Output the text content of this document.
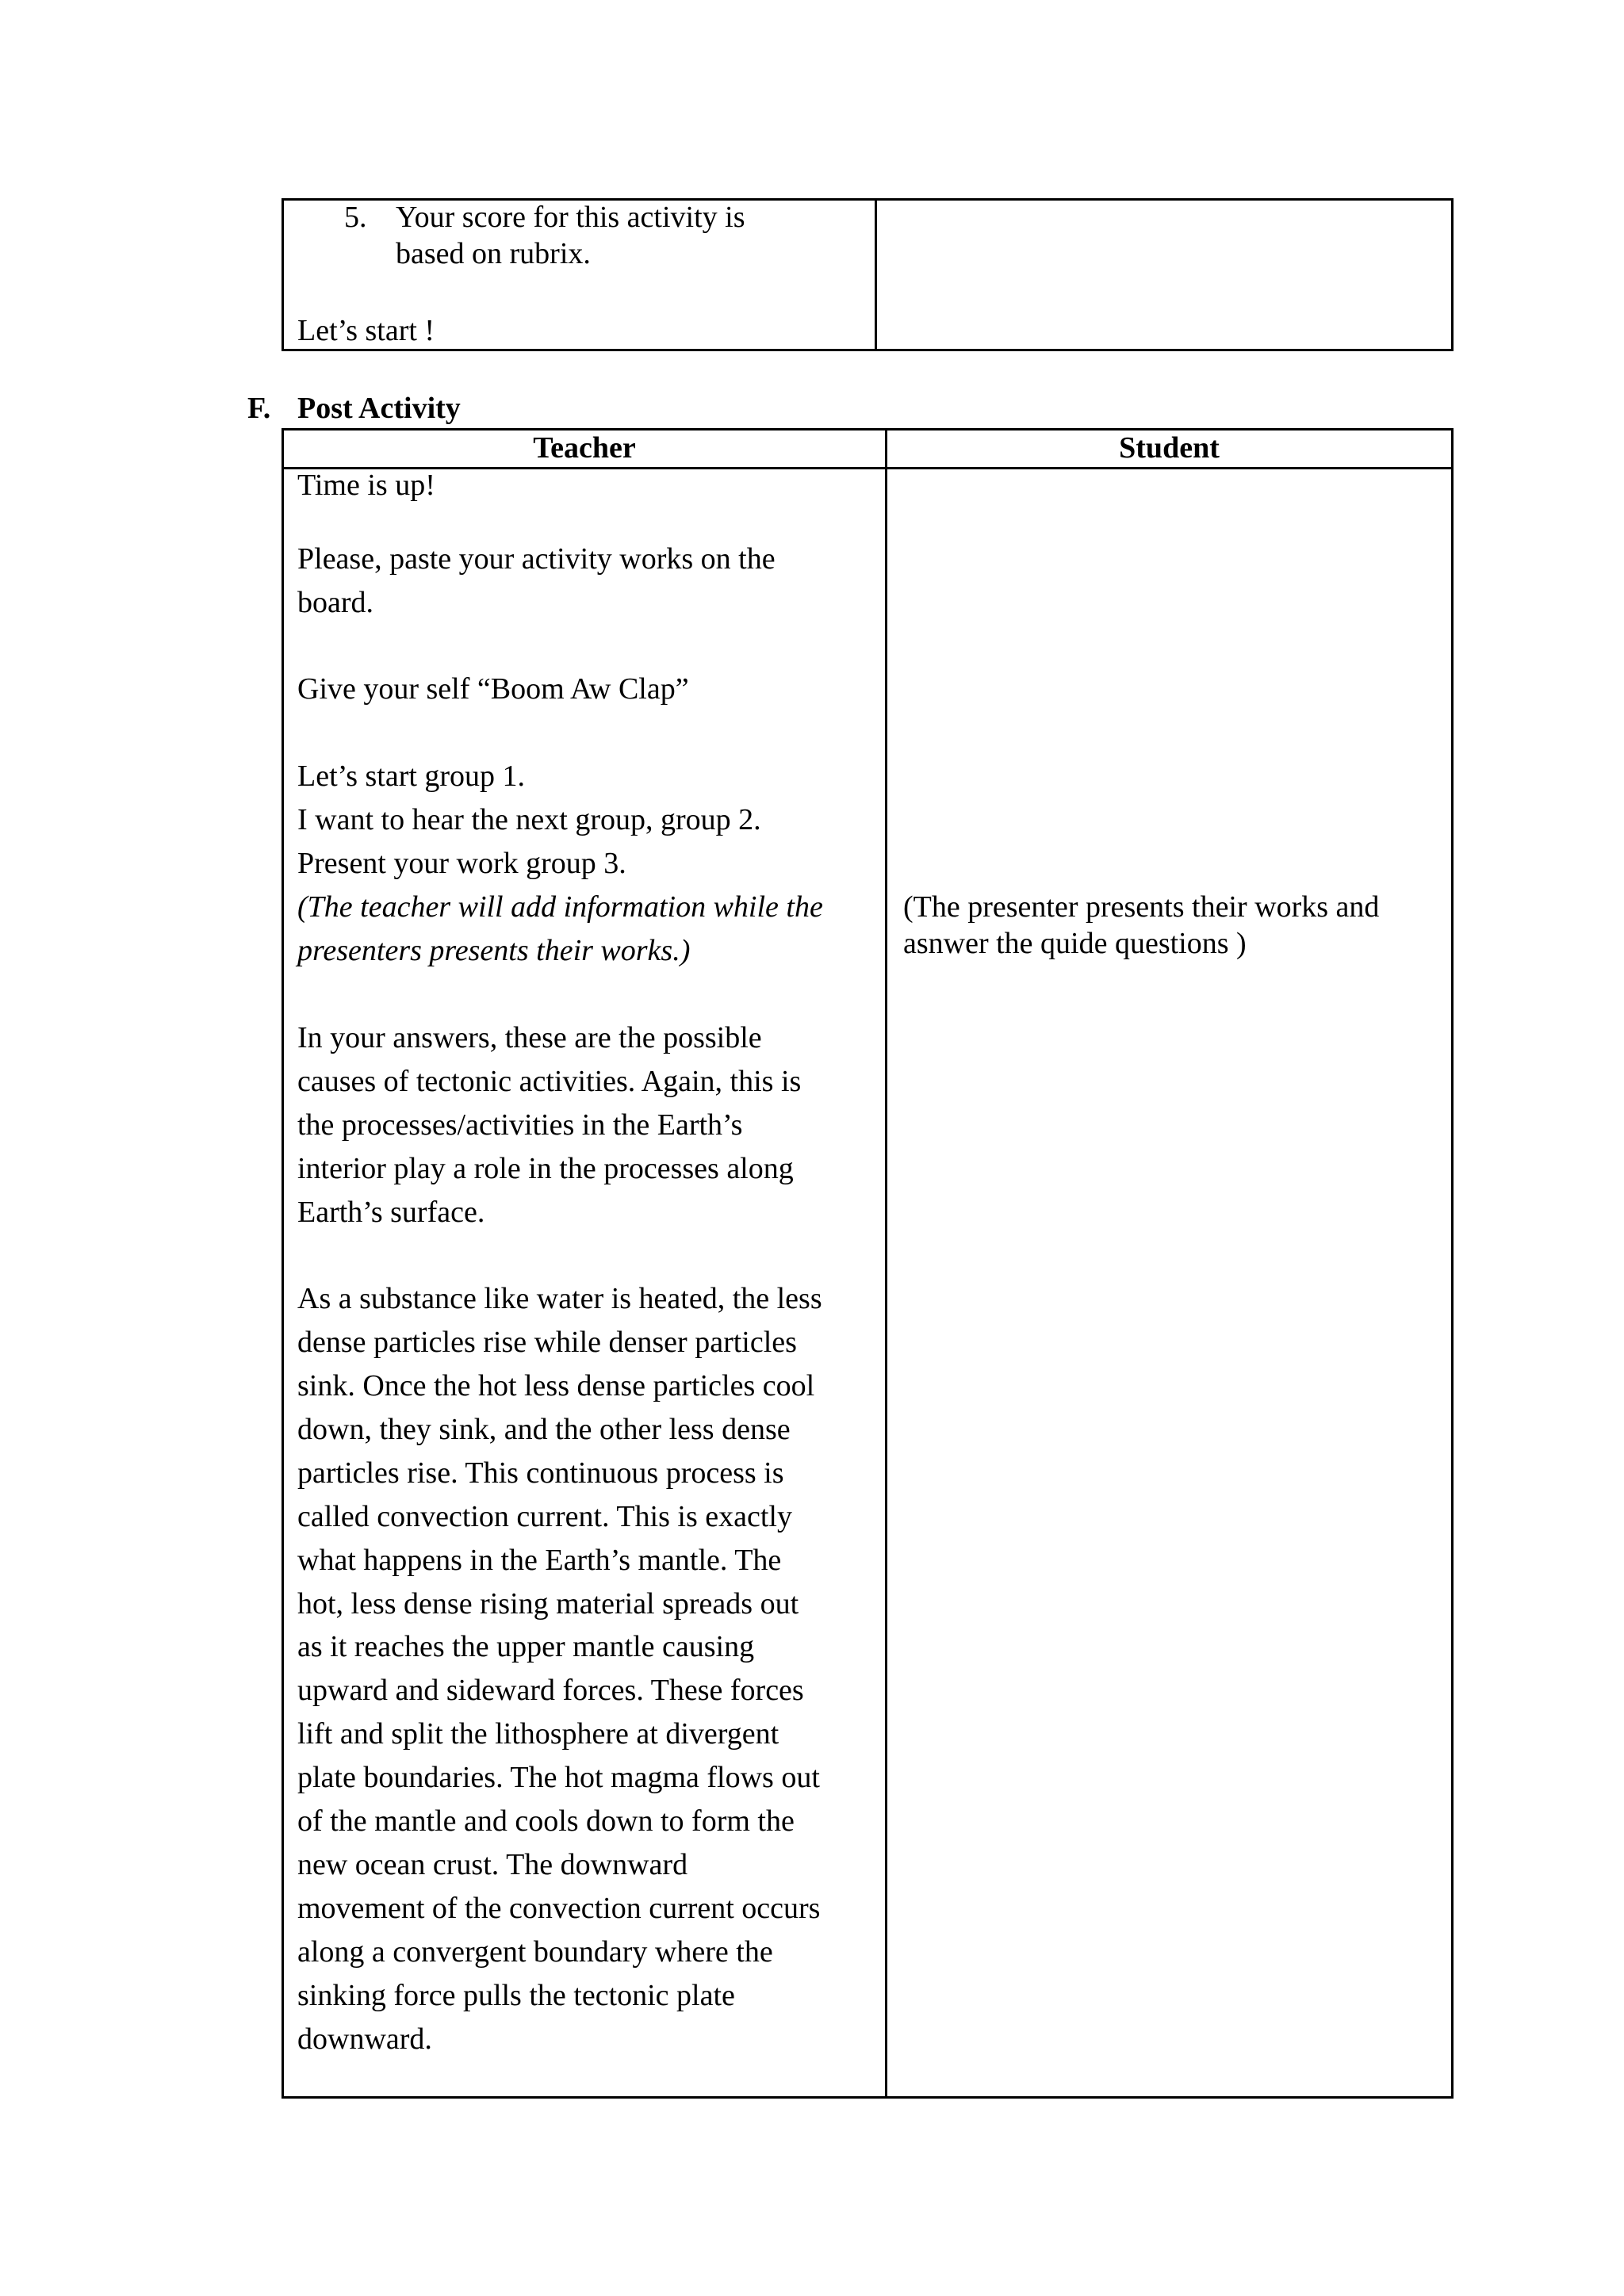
5. Your score for this activity is
based on rubrix.
Let’s start !
F. Post Activity
Teacher	Student
Time is up!
Please, paste your activity works on the
board.
Give your self “Boom Aw Clap”
Let’s start group 1.
I want to hear the next group, group 2.
Present your work group 3.
(The teacher will add information while the
presenters presents their works.)
In your answers, these are the possible
causes of tectonic activities. Again, this is
the processes/activities in the Earth’s
interior play a role in the processes along
Earth’s surface.
As a substance like water is heated, the less
dense particles rise while denser particles
sink. Once the hot less dense particles cool
down, they sink, and the other less dense
particles rise. This continuous process is
called convection current. This is exactly
what happens in the Earth’s mantle. The
hot, less dense rising material spreads out
as it reaches the upper mantle causing
upward and sideward forces. These forces
lift and split the lithosphere at divergent
plate boundaries. The hot magma flows out
of the mantle and cools down to form the
new ocean crust. The downward
movement of the convection current occurs
along a convergent boundary where the
sinking force pulls the tectonic plate
downward.
(The presenter presents their works and
asnwer the quide questions )
